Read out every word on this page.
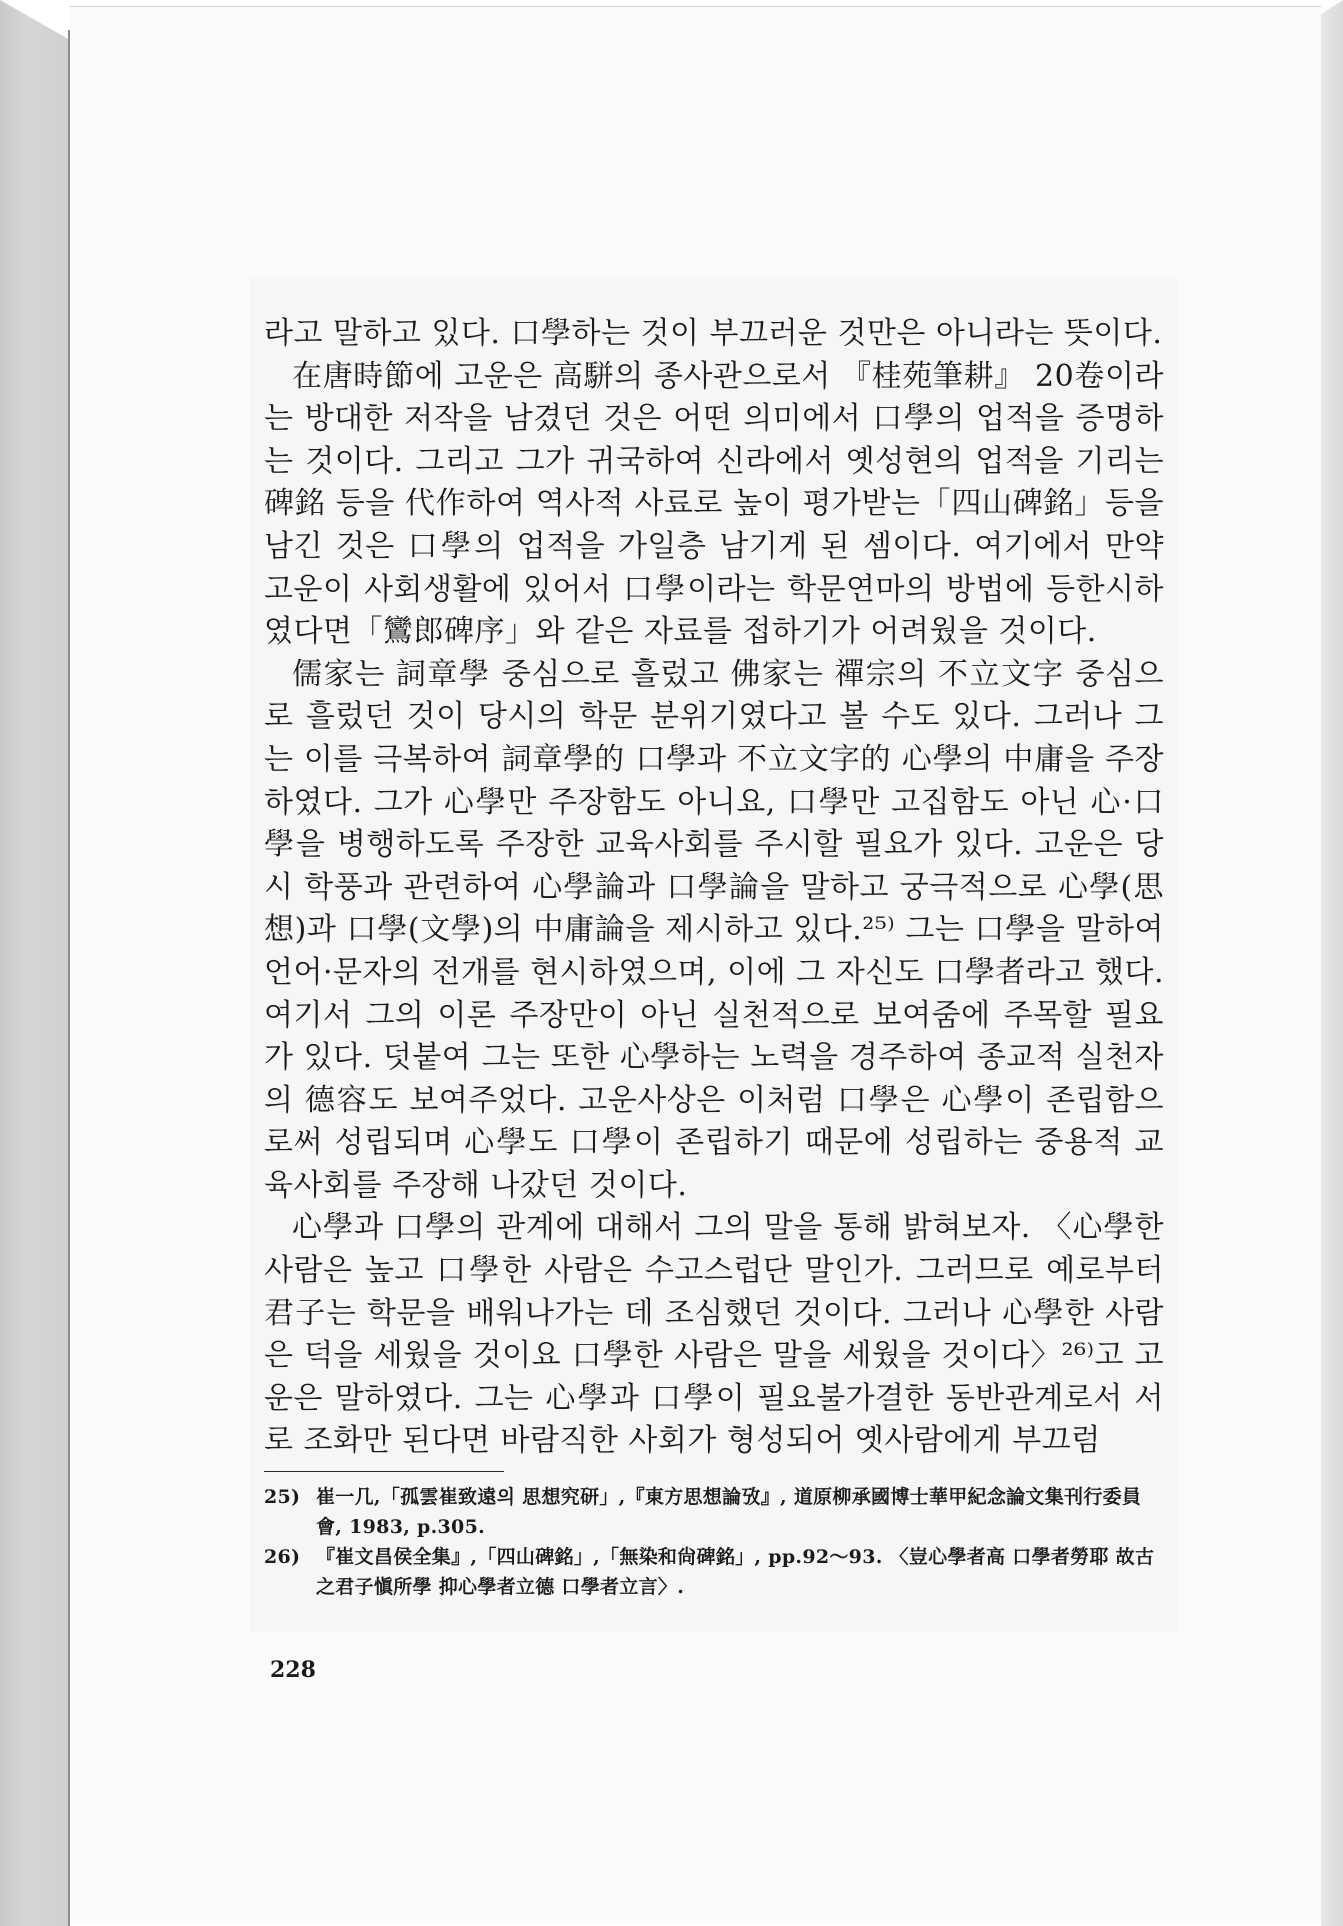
라고 말하고 있다. 口學하는 것이 부끄러운 것만은 아니라는 뜻이다.

在唐時節에 고운은 高駢의 종사관으로서 『桂苑筆耕』 20卷이라는 방대한 저작을 남겼던 것은 어떤 의미에서 口學의 업적을 증명하는 것이다. 그리고 그가 귀국하여 신라에서 옛성현의 업적을 기리는 碑銘 등을 代作하여 역사적 사료로 높이 평가받는「四山碑銘」등을 남긴 것은 口學의 업적을 가일층 남기게 된 셈이다. 여기에서 만약 고운이 사회생활에 있어서 口學이라는 학문연마의 방법에 등한시하였다면「鸞郎碑序」와 같은 자료를 접하기가 어려웠을 것이다.

儒家는 詞章學 중심으로 흘렀고 佛家는 禪宗의 不立文字 중심으로 흘렀던 것이 당시의 학문 분위기였다고 볼 수도 있다. 그러나 그는 이를 극복하여 詞章學的 口學과 不立文字的 心學의 中庸을 주장하였다. 그가 心學만 주장함도 아니요, 口學만 고집함도 아닌 心·口學을 병행하도록 주장한 교육사회를 주시할 필요가 있다. 고운은 당시 학풍과 관련하여 心學論과 口學論을 말하고 궁극적으로 心學(思想)과 口學(文學)의 中庸論을 제시하고 있다.²⁵⁾ 그는 口學을 말하여 언어·문자의 전개를 현시하였으며, 이에 그 자신도 口學者라고 했다. 여기서 그의 이론 주장만이 아닌 실천적으로 보여줌에 주목할 필요가 있다. 덧붙여 그는 또한 心學하는 노력을 경주하여 종교적 실천자의 德容도 보여주었다. 고운사상은 이처럼 口學은 心學이 존립함으로써 성립되며 心學도 口學이 존립하기 때문에 성립하는 중용적 교육사회를 주장해 나갔던 것이다.

心學과 口學의 관계에 대해서 그의 말을 통해 밝혀보자. 〈心學한 사람은 높고 口學한 사람은 수고스럽단 말인가. 그러므로 예로부터 君子는 학문을 배워나가는 데 조심했던 것이다. 그러나 心學한 사람은 덕을 세웠을 것이요 口學한 사람은 말을 세웠을 것이다〉²⁶⁾고 고운은 말하였다. 그는 心學과 口學이 필요불가결한 동반관계로서 서로 조화만 된다면 바람직한 사회가 형성되어 옛사람에게 부끄럼

25) 崔一几,「孤雲崔致遠의 思想究研」,『東方思想論攷』, 道原柳承國博士華甲紀念論文集刊行委員會, 1983, p.305.

26) 『崔文昌侯全集』,「四山碑銘」,「無染和尙碑銘」, pp.92～93. 〈豈心學者高 口學者勞耶 故古之君子愼所學 抑心學者立德 口學者立言〉.

228
